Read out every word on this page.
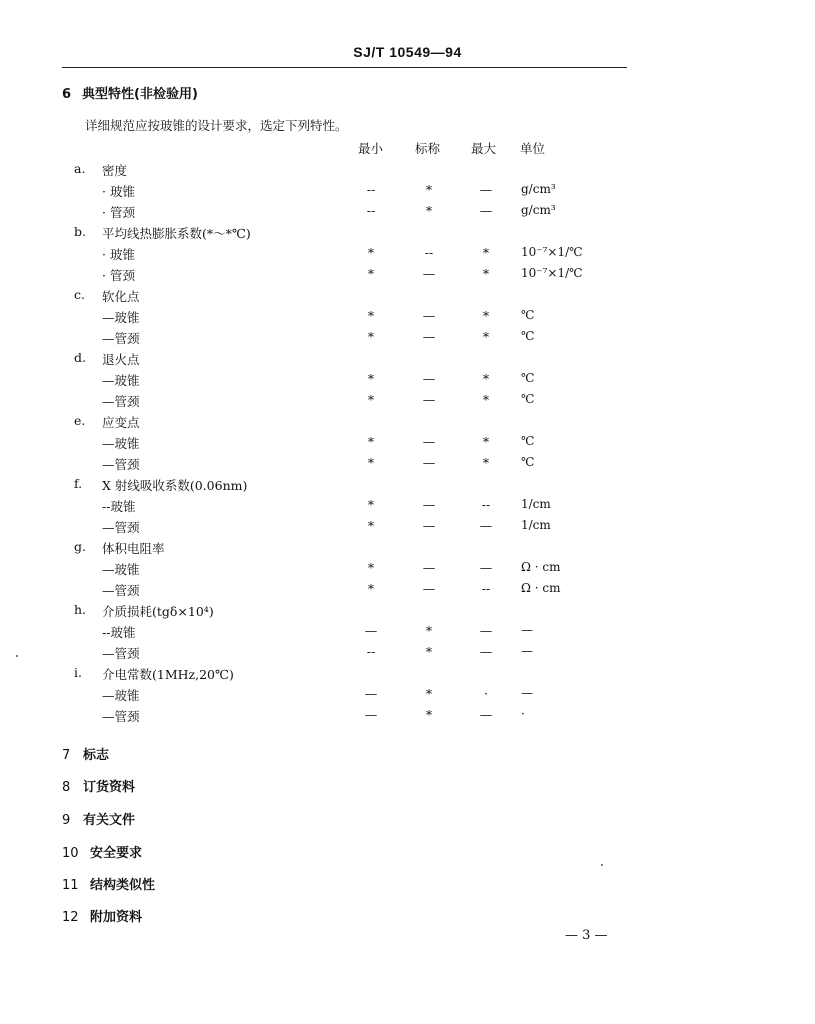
SJ/T 10549—94
6 典型特性(非检验用)
详细规范应按玻锥的设计要求，选定下列特性。
最小	标称 最大 单位
a. 密度
· 玻锥	--	*	— g/cm³
· 管颈	--	*	— g/cm³
b. 平均线热膨胀系数(*～*℃)
· 玻锥	*	--	*	10⁻⁷×1/℃
· 管颈	*	—	*	10⁻⁷×1/℃
c. 软化点
—玻锥	*	—	*	℃
—管颈	*	—	*	℃
d. 退火点
—玻锥	*	—	*	℃
—管颈	*	—	*	℃
e. 应变点
—玻锥	*	—	*	℃
—管颈	*	—	*	℃
f. X 射线吸收系数(0.06nm)
--玻锥	*	—	--	1/cm
—管颈	*	—	— 1/cm
g. 体积电阻率
—玻锥	*	—	— Ω · cm
—管颈	*	—	--	Ω · cm
h. 介质损耗(tgδ×10⁴)
--玻锥	—	*	— —
—管颈	--	*	— —
i. 介电常数(1MHz,20℃)
—玻锥	—	*	·	—
—管颈	—	*	— ·
7 标志
8 订货资料
9 有关文件
10 安全要求
11 结构类似性
12 附加资料
— 3 —
